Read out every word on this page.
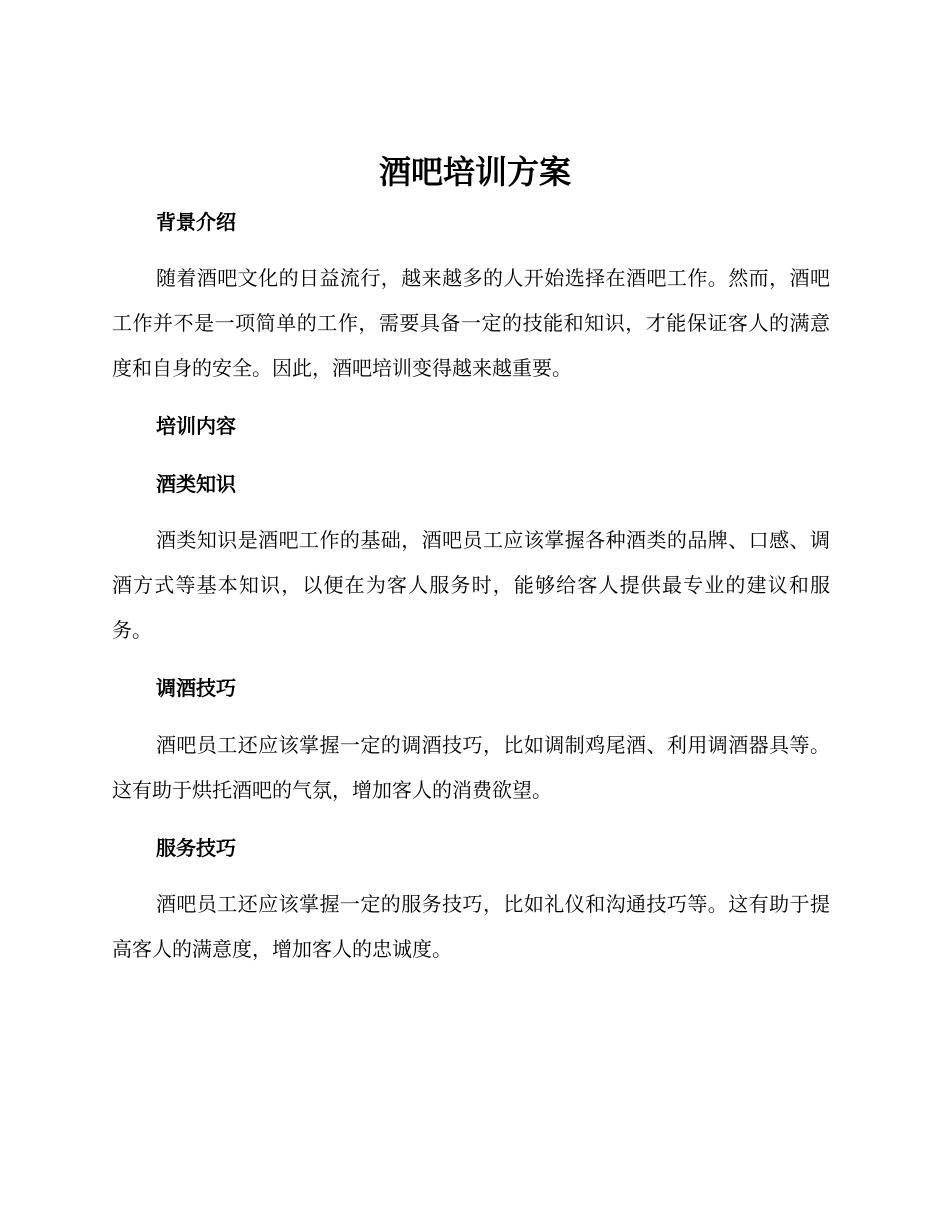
酒吧培训方案
背景介绍

随着酒吧文化的日益流行，越来越多的人开始选择在酒吧工作。然而，酒吧工作并不是一项简单的工作，需要具备一定的技能和知识，才能保证客人的满意度和自身的安全。因此，酒吧培训变得越来越重要。

培训内容
酒类知识

酒类知识是酒吧工作的基础，酒吧员工应该掌握各种酒类的品牌、口感、调酒方式等基本知识，以便在为客人服务时，能够给客人提供最专业的建议和服务。

调酒技巧

酒吧员工还应该掌握一定的调酒技巧，比如调制鸡尾酒、利用调酒器具等。这有助于烘托酒吧的气氛，增加客人的消费欲望。

服务技巧

酒吧员工还应该掌握一定的服务技巧，比如礼仪和沟通技巧等。这有助于提高客人的满意度，增加客人的忠诚度。
